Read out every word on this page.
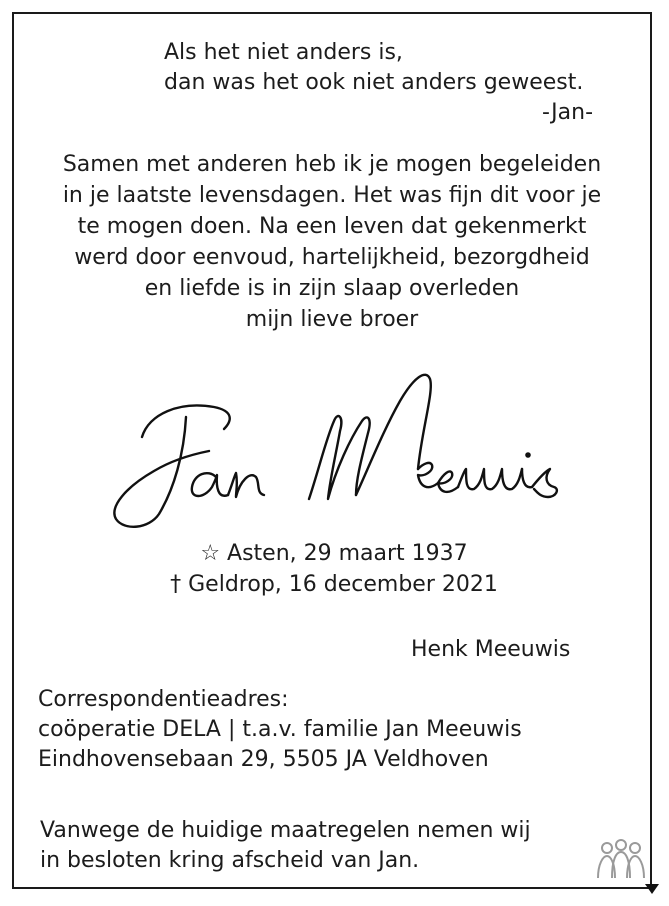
Als het niet anders is,

dan was het ook niet anders geweest.

-Jan-

Samen met anderen heb ik je mogen begeleiden

in je laatste levensdagen. Het was fijn dit voor je

te mogen doen. Na een leven dat gekenmerkt

werd door eenvoud, hartelijkheid, bezorgdheid

en liefde is in zijn slaap overleden

mijn lieve broer

☆ Asten, 29 maart 1937

† Geldrop, 16 december 2021

Henk Meeuwis

Correspondentieadres:

coöperatie DELA | t.a.v. familie Jan Meeuwis

Eindhovensebaan 29, 5505 JA Veldhoven

Vanwege de huidige maatregelen nemen wij

in besloten kring afscheid van Jan.
